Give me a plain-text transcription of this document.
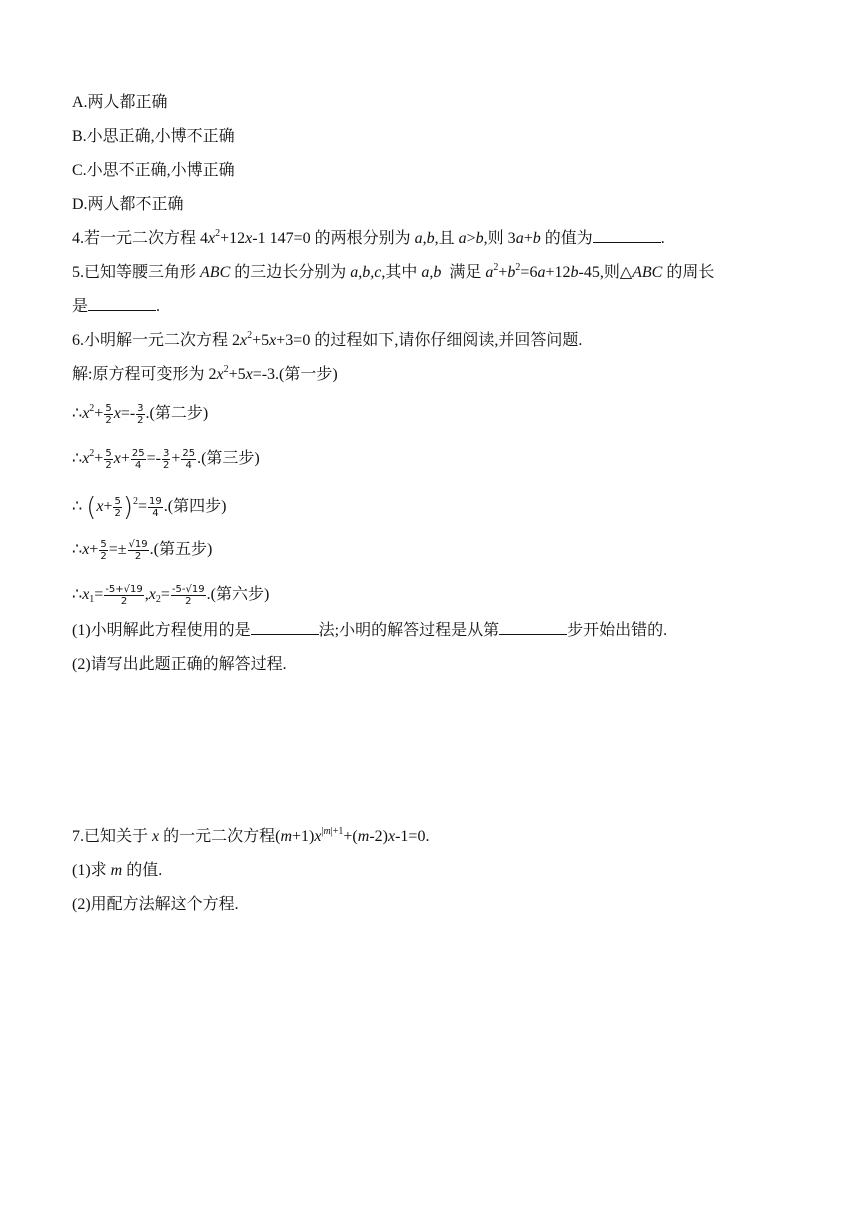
A.两人都正确
B.小思正确,小博不正确
C.小思不正确,小博正确
D.两人都不正确
4.若一元二次方程 $4x^2+12x-1$ 147=0 的两根分别为 a,b,且 a>b,则 3a+b 的值为	.
5.已知等腰三角形 ABC 的三边长分别为 a,b,c,其中 a,b  满足 $a^2+b^2=6a+12b-45$,则△ABC 的周长
是	.
6.小明解一元二次方程 $2x^2+5x+3=0$ 的过程如下,请你仔细阅读,并回答问题.
解:原方程可变形为 $2x^2+5x=-3$.(第一步)
$\therefore x^2+ \frac{5}{2} x=- \frac{3}{2}$ .(第二步)
$\therefore x^2+ \frac{5}{2} x+ \frac{25}{4} =- \frac{3}{2} + \frac{25}{4}$ .(第三步)
∴ $(x+ \frac{5}{2} )^2= \frac{19}{4}$ .(第四步)
∴x+ $\frac{5}{2} =\pm \frac{√19}{2}$ .(第五步)
$\therefore x_1= \frac{-5+√19}{2} ,x_2= \frac{-5-√19}{2}$ .(第六步)
(1)小明解此方程使用的是	法;小明的解答过程是从第	步开始出错的.
(2)请写出此题正确的解答过程.
7.已知关于 x 的一元二次方程$(m+1)x^{|m|+1}+(m-2)x-1=0$.
(1)求 m 的值.
(2)用配方法解这个方程.
